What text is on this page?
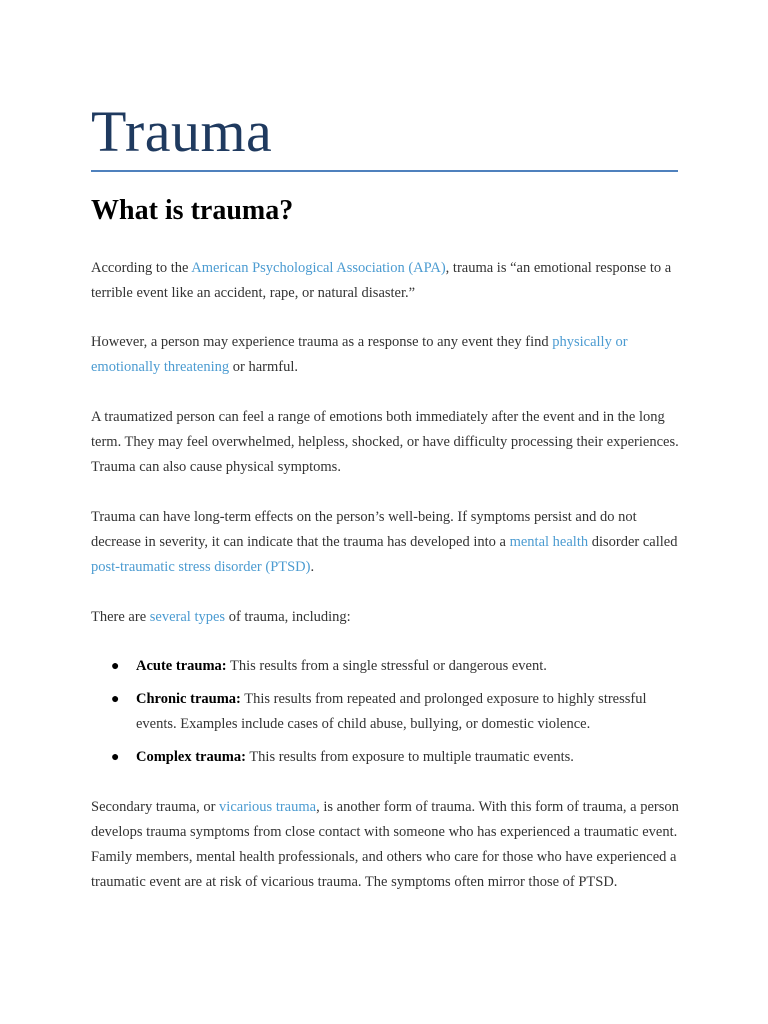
Trauma
What is trauma?

According to the American Psychological Association (APA), trauma is “an emotional response to a terrible event like an accident, rape, or natural disaster.”

However, a person may experience trauma as a response to any event they find physically or emotionally threatening or harmful.

A traumatized person can feel a range of emotions both immediately after the event and in the long term. They may feel overwhelmed, helpless, shocked, or have difficulty processing their experiences. Trauma can also cause physical symptoms.

Trauma can have long-term effects on the person’s well-being. If symptoms persist and do not decrease in severity, it can indicate that the trauma has developed into a mental health disorder called post-traumatic stress disorder (PTSD).

There are several types of trauma, including:

● Acute trauma: This results from a single stressful or dangerous event.
● Chronic trauma: This results from repeated and prolonged exposure to highly stressful events. Examples include cases of child abuse, bullying, or domestic violence.
● Complex trauma: This results from exposure to multiple traumatic events.

Secondary trauma, or vicarious trauma, is another form of trauma. With this form of trauma, a person develops trauma symptoms from close contact with someone who has experienced a traumatic event. Family members, mental health professionals, and others who care for those who have experienced a traumatic event are at risk of vicarious trauma. The symptoms often mirror those of PTSD.
